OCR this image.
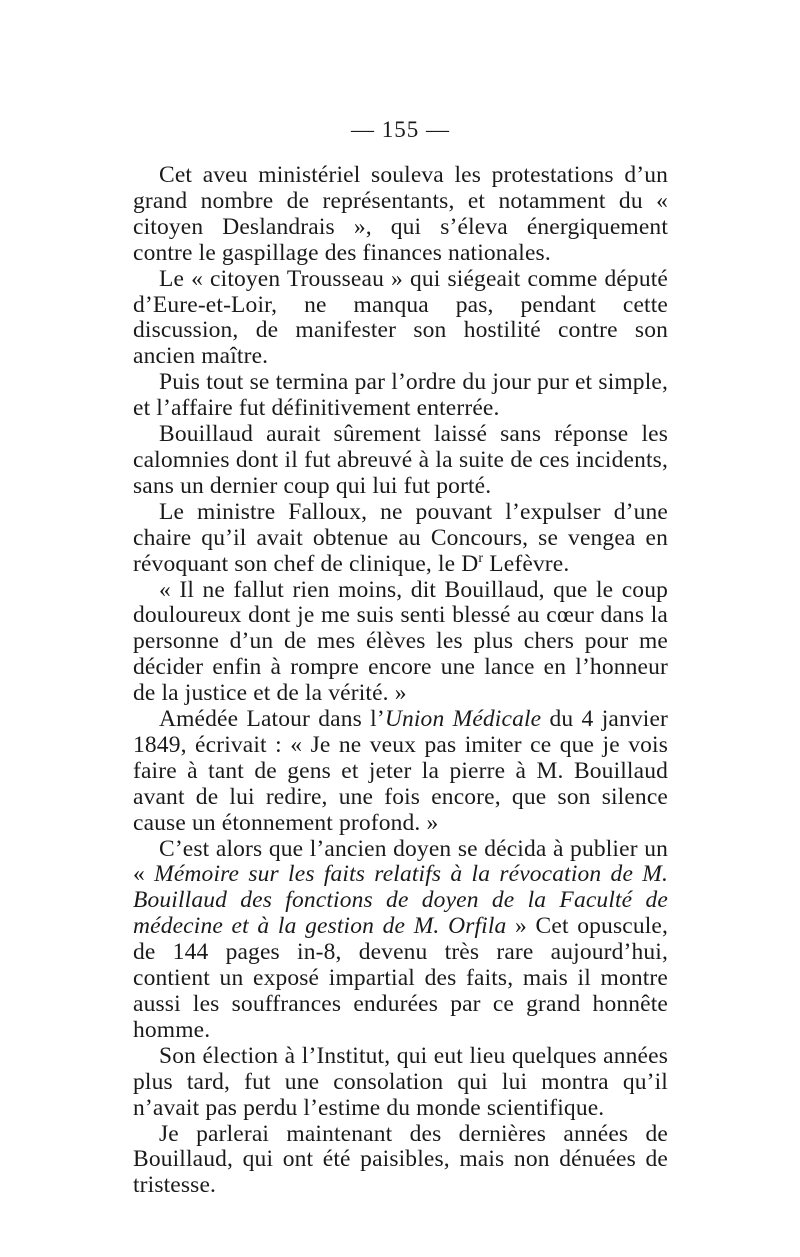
— 155 —

Cet aveu ministériel souleva les protestations d’un grand nombre de représentants, et notamment du « citoyen Deslandrais », qui s’éleva énergiquement contre le gaspillage des finances nationales.

Le « citoyen Trousseau » qui siégeait comme député d’Eure-et-Loir, ne manqua pas, pendant cette discussion, de manifester son hostilité contre son ancien maître.

Puis tout se termina par l’ordre du jour pur et simple, et l’affaire fut définitivement enterrée.

Bouillaud aurait sûrement laissé sans réponse les calomnies dont il fut abreuvé à la suite de ces incidents, sans un dernier coup qui lui fut porté.

Le ministre Falloux, ne pouvant l’expulser d’une chaire qu’il avait obtenue au Concours, se vengea en révoquant son chef de clinique, le $D^r$ Lefèvre.

« Il ne fallut rien moins, dit Bouillaud, que le coup douloureux dont je me suis senti blessé au cœur dans la personne d’un de mes élèves les plus chers pour me décider enfin à rompre encore une lance en l’honneur de la justice et de la vérité. »

Amédée Latour dans l’Union Médicale du 4 janvier 1849, écrivait : « Je ne veux pas imiter ce que je vois faire à tant de gens et jeter la pierre à M. Bouillaud avant de lui redire, une fois encore, que son silence cause un étonnement profond. »

C’est alors que l’ancien doyen se décida à publier un « Mémoire sur les faits relatifs à la révocation de M. Bouillaud des fonctions de doyen de la Faculté de médecine et à la gestion de M. Orfila » Cet opuscule, de 144 pages in-8, devenu très rare aujourd’hui, contient un exposé impartial des faits, mais il montre aussi les souffrances endurées par ce grand honnête homme.

Son élection à l’Institut, qui eut lieu quelques années plus tard, fut une consolation qui lui montra qu’il n’avait pas perdu l’estime du monde scientifique.

Je parlerai maintenant des dernières années de Bouillaud, qui ont été paisibles, mais non dénuées de tristesse.
